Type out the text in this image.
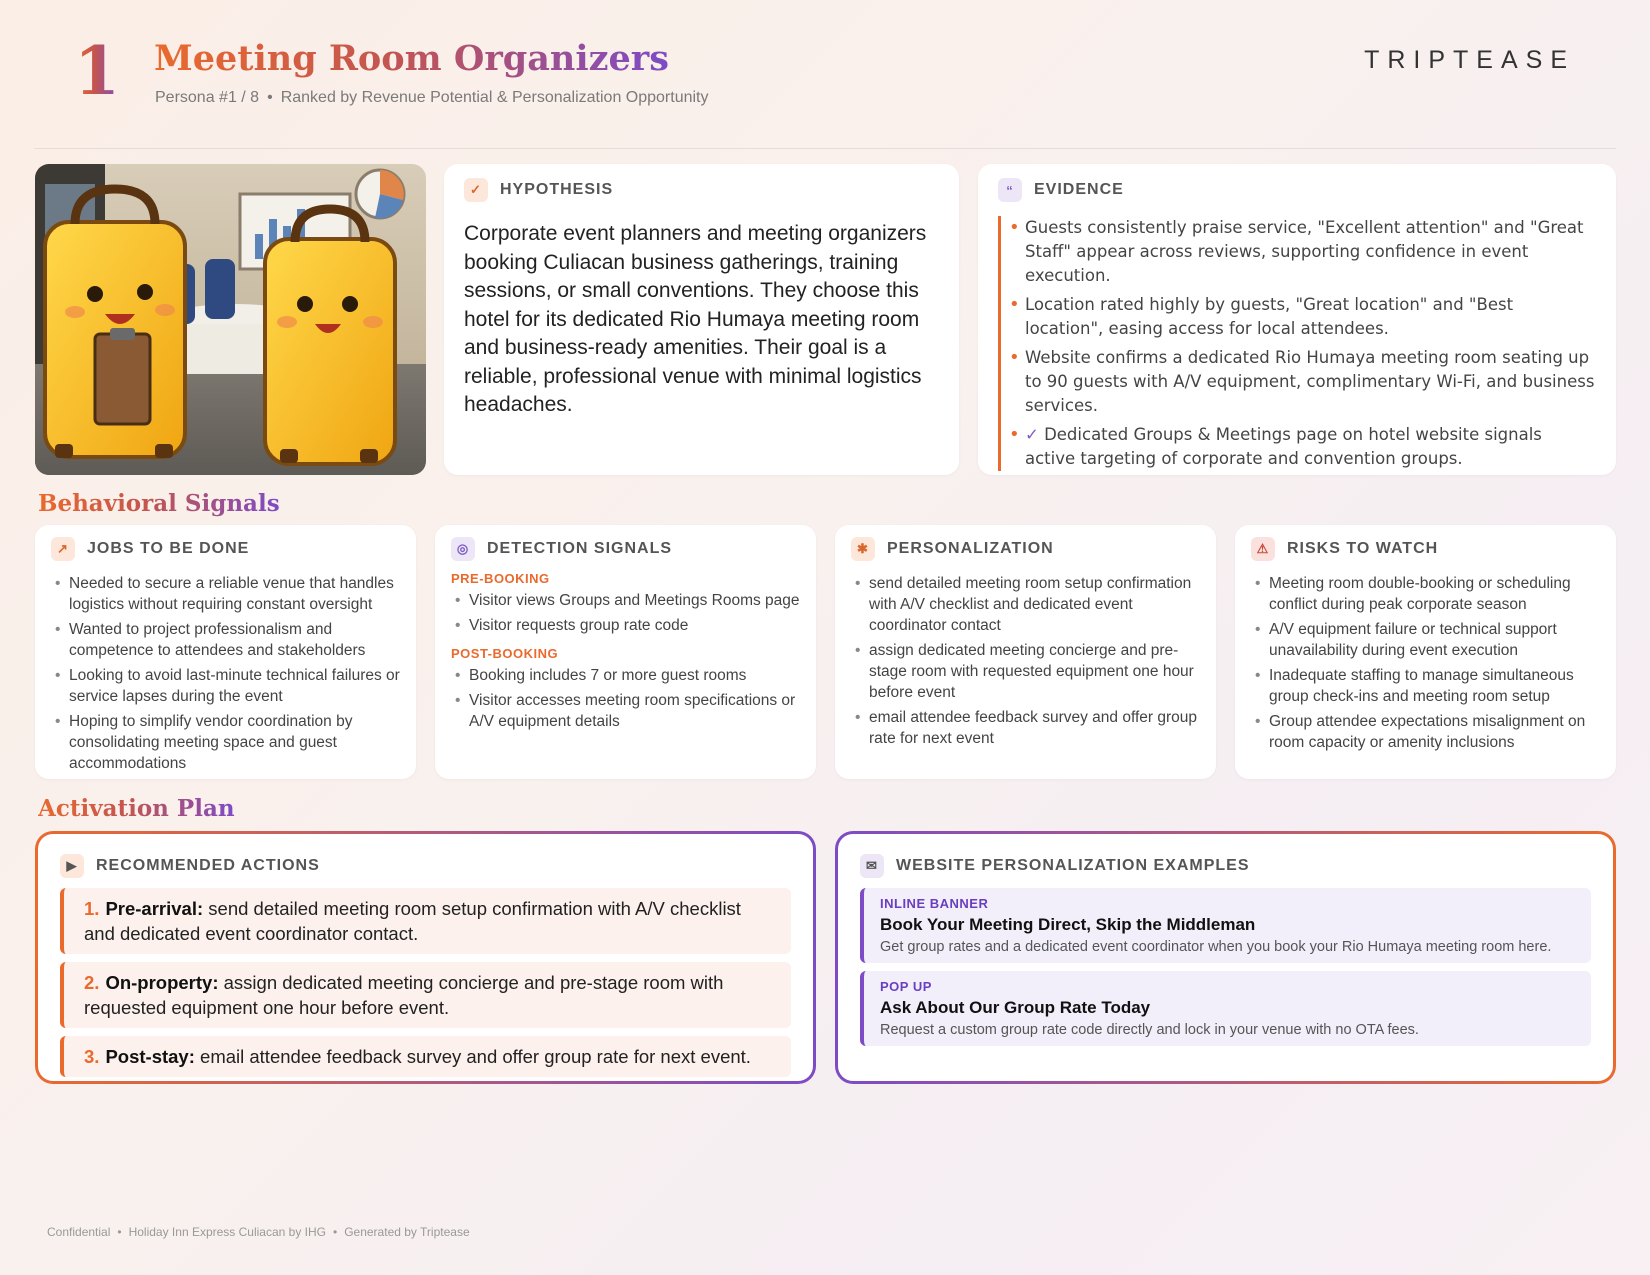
1 Meeting Room Organizers
Persona #1 / 8 • Ranked by Revenue Potential & Personalization Opportunity
TRIPTEASE
✓	HYPOTHESIS
Corporate event planners and meeting organizers booking Culiacan business gatherings, training sessions, or small conventions. They choose this hotel for its dedicated Rio Humaya meeting room and business-ready amenities. Their goal is a reliable, professional venue with minimal logistics headaches.
“	EVIDENCE
• Guests consistently praise service, "Excellent attention" and "Great Staff" appear across reviews, supporting confidence in event execution.
• Location rated highly by guests, "Great location" and "Best location", easing access for local attendees.
• Website confirms a dedicated Rio Humaya meeting room seating up to 90 guests with A/V equipment, complimentary Wi-Fi, and business services.
• ✓ Dedicated Groups & Meetings page on hotel website signals active targeting of corporate and convention groups.
Behavioral Signals
↗	JOBS TO BE DONE
• Needed to secure a reliable venue that handles logistics without requiring constant oversight
• Wanted to project professionalism and competence to attendees and stakeholders
• Looking to avoid last-minute technical failures or service lapses during the event
• Hoping to simplify vendor coordination by consolidating meeting space and guest accommodations
◎	DETECTION SIGNALS
PRE-BOOKING
• Visitor views Groups and Meetings Rooms page
• Visitor requests group rate code
POST-BOOKING
• Booking includes 7 or more guest rooms
• Visitor accesses meeting room specifications or A/V equipment details
✱	PERSONALIZATION
• send detailed meeting room setup confirmation with A/V checklist and dedicated event coordinator contact
• assign dedicated meeting concierge and pre-stage room with requested equipment one hour before event
• email attendee feedback survey and offer group rate for next event
⚠	RISKS TO WATCH
• Meeting room double-booking or scheduling conflict during peak corporate season
• A/V equipment failure or technical support unavailability during event execution
• Inadequate staffing to manage simultaneous group check-ins and meeting room setup
• Group attendee expectations misalignment on room capacity or amenity inclusions
Activation Plan
▶	RECOMMENDED ACTIONS
1. Pre-arrival: send detailed meeting room setup confirmation with A/V checklist and dedicated event coordinator contact.
2. On-property: assign dedicated meeting concierge and pre-stage room with requested equipment one hour before event.
3. Post-stay: email attendee feedback survey and offer group rate for next event.
✉	WEBSITE PERSONALIZATION EXAMPLES
INLINE BANNER
Book Your Meeting Direct, Skip the Middleman
Get group rates and a dedicated event coordinator when you book your Rio Humaya meeting room here.
POP UP
Ask About Our Group Rate Today
Request a custom group rate code directly and lock in your venue with no OTA fees.
Confidential • Holiday Inn Express Culiacan by IHG • Generated by Triptease
